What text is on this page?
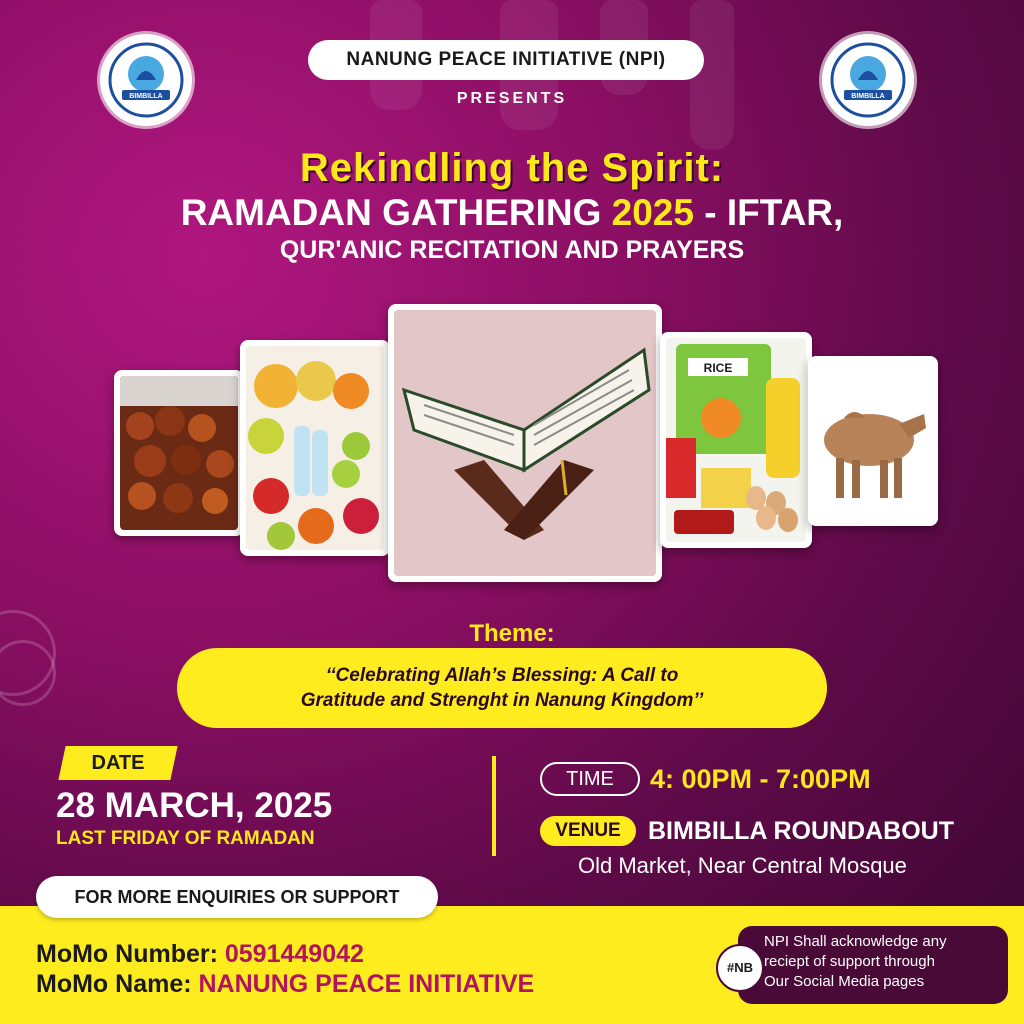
BIMBILLA	BIMBILLA
NANUNG PEACE INITIATIVE (NPI)
PRESENTS
Rekindling the Spirit:
RAMADAN GATHERING 2025 - IFTAR,
QUR'ANIC RECITATION AND PRAYERS
RICE
Theme:
‘‘Celebrating Allah’s Blessing: A Call to
Gratitude and Strenght in Nanung Kingdom’’
DATE
28 MARCH, 2025
LAST FRIDAY OF RAMADAN
TIME	4: 00PM - 7:00PM
VENUE	BIMBILLA ROUNDABOUT
Old Market, Near Central Mosque
FOR MORE ENQUIRIES OR SUPPORT
MoMo Number: 0591449042
MoMo Name: NANUNG PEACE INITIATIVE
#NB
NPI Shall acknowledge any
reciept of support through
Our Social Media pages
